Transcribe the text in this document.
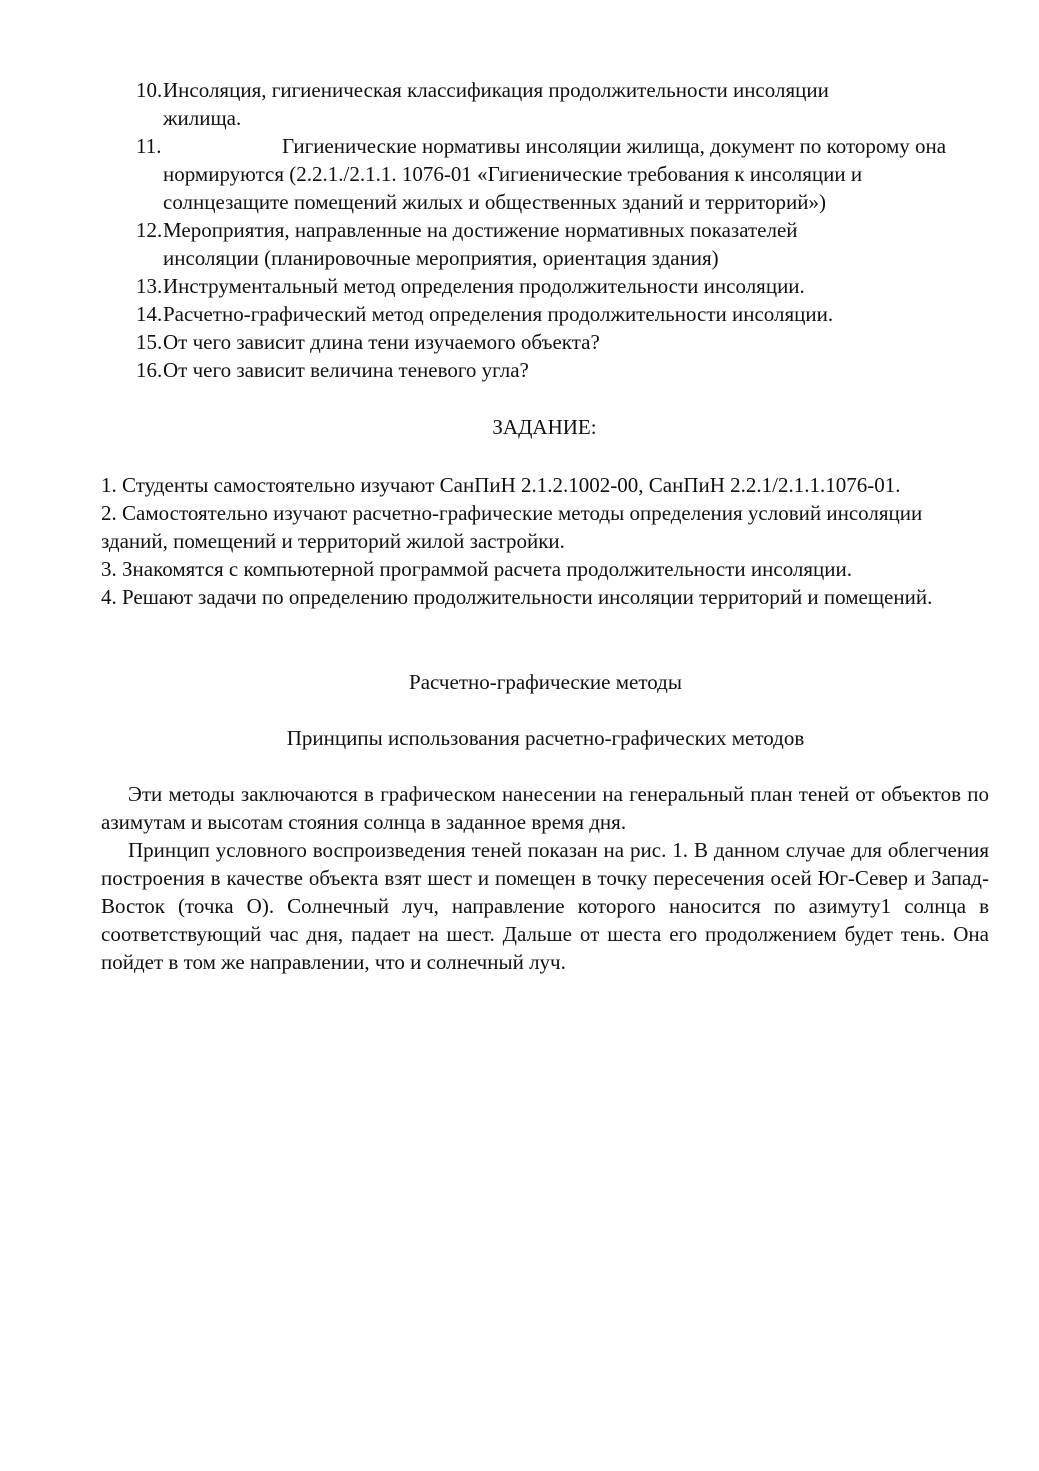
10. Инсоляция, гигиеническая классификация продолжительности инсоляции
жилища.
11.	Гигиенические нормативы инсоляции жилища, документ по которому она
нормируются (2.2.1./2.1.1. 1076-01 «Гигиенические требования к инсоляции и
солнцезащите помещений жилых и общественных зданий и территорий»)
12. Мероприятия, направленные на достижение нормативных показателей
инсоляции (планировочные мероприятия, ориентация здания)
13. Инструментальный метод определения продолжительности инсоляции.
14. Расчетно-графический метод определения продолжительности инсоляции.
15. От чего зависит длина тени изучаемого объекта?
16. От чего зависит величина теневого угла?

ЗАДАНИЕ:

1. Студенты самостоятельно изучают СанПиН 2.1.2.1002-00, СанПиН 2.2.1/2.1.1.1076-01.

2. Самостоятельно изучают расчетно-графические методы определения условий инсоляции зданий, помещений и территорий жилой застройки.

3. Знакомятся с компьютерной программой расчета продолжительности инсоляции.

4. Решают задачи по определению продолжительности инсоляции территорий и помещений.

Расчетно-графические методы

Принципы использования расчетно-графических методов

Эти методы заключаются в графическом нанесении на генеральный план теней от объектов по азимутам и высотам стояния солнца в заданное время дня.

Принцип условного воспроизведения теней показан на рис. 1. В данном случае для облегчения построения в качестве объекта взят шест и помещен в точку пересечения осей Юг-Север и Запад-Восток (точка О). Солнечный луч, направление которого наносится по азимуту1 солнца в соответствующий час дня, падает на шест. Дальше от шеста его продолжением будет тень. Она пойдет в том же направлении, что и солнечный луч.
